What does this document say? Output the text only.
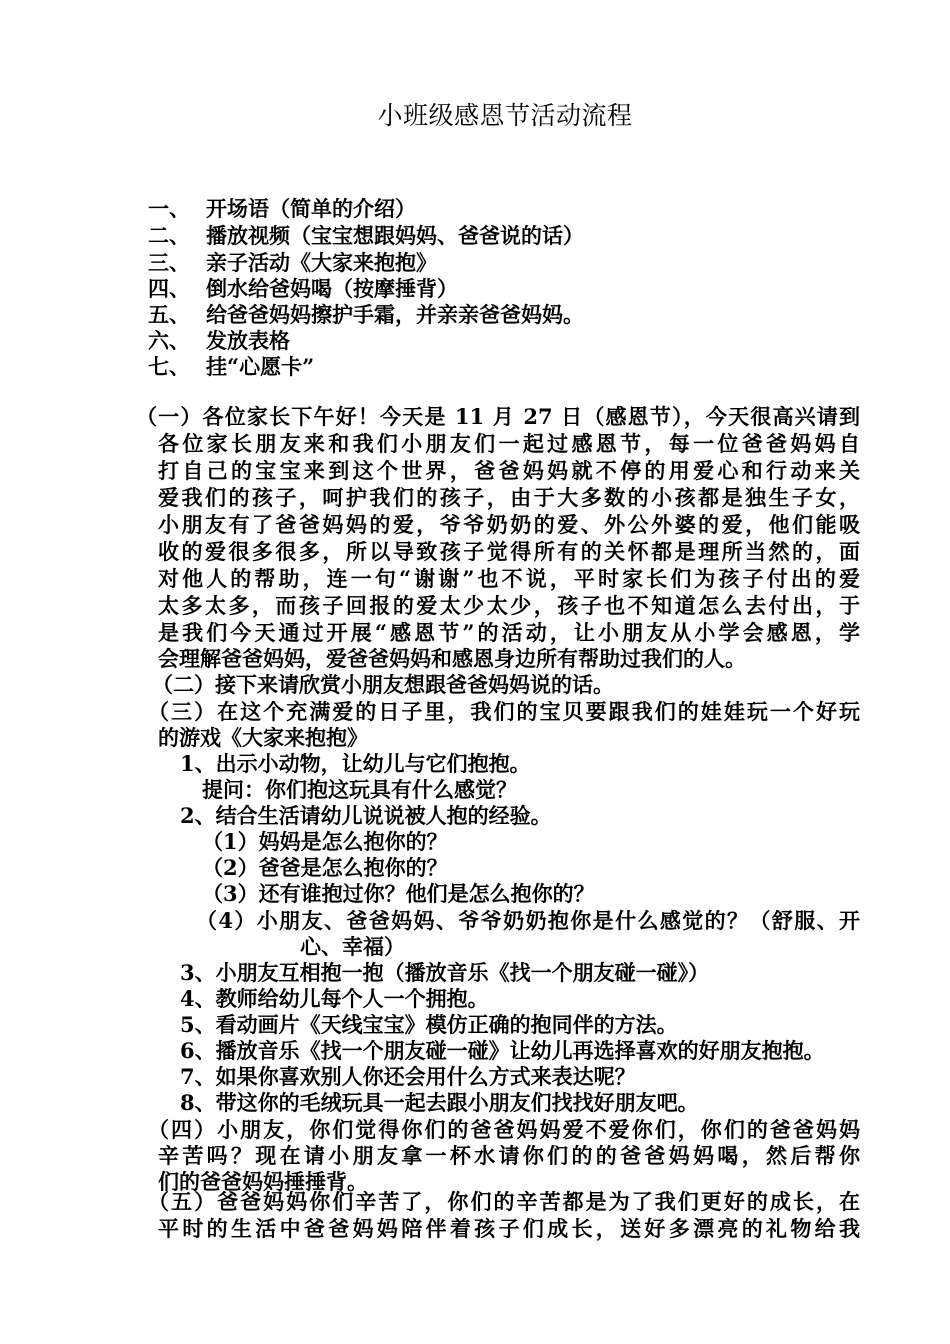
小班级感恩节活动流程
一、 开场语（简单的介绍）
二、 播放视频（宝宝想跟妈妈、爸爸说的话）
三、 亲子活动《大家来抱抱》
四、 倒水给爸妈喝（按摩捶背）
五、 给爸爸妈妈擦护手霜，并亲亲爸爸妈妈。
六、 发放表格
七、 挂“心愿卡”
（一）各位家长下午好！今天是 11 月 27 日（感恩节），今天很高兴请到
各位家长朋友来和我们小朋友们一起过感恩节，每一位爸爸妈妈自
打自己的宝宝来到这个世界，爸爸妈妈就不停的用爱心和行动来关
爱我们的孩子，呵护我们的孩子，由于大多数的小孩都是独生子女，
小朋友有了爸爸妈妈的爱，爷爷奶奶的爱、外公外婆的爱，他们能吸
收的爱很多很多，所以导致孩子觉得所有的关怀都是理所当然的，面
对他人的帮助，连一句“谢谢”也不说，平时家长们为孩子付出的爱
太多太多，而孩子回报的爱太少太少，孩子也不知道怎么去付出，于
是我们今天通过开展“感恩节”的活动，让小朋友从小学会感恩，学
会理解爸爸妈妈，爱爸爸妈妈和感恩身边所有帮助过我们的人。
（二）接下来请欣赏小朋友想跟爸爸妈妈说的话。
（三）在这个充满爱的日子里，我们的宝贝要跟我们的娃娃玩一个好玩
的游戏《大家来抱抱》
1、出示小动物，让幼儿与它们抱抱。
提问：你们抱这玩具有什么感觉？
2、结合生活请幼儿说说被人抱的经验。
（1）妈妈是怎么抱你的？
（2）爸爸是怎么抱你的？
（3）还有谁抱过你？他们是怎么抱你的？
（4）小朋友、爸爸妈妈、爷爷奶奶抱你是什么感觉的？（舒服、开
心、幸福）
3、小朋友互相抱一抱（播放音乐《找一个朋友碰一碰》）
4、教师给幼儿每个人一个拥抱。
5、看动画片《天线宝宝》模仿正确的抱同伴的方法。
6、播放音乐《找一个朋友碰一碰》让幼儿再选择喜欢的好朋友抱抱。
7、如果你喜欢别人你还会用什么方式来表达呢？
8、带这你的毛绒玩具一起去跟小朋友们找找好朋友吧。
（四）小朋友，你们觉得你们的爸爸妈妈爱不爱你们，你们的爸爸妈妈
辛苦吗？现在请小朋友拿一杯水请你们的的爸爸妈妈喝，然后帮你
们的爸爸妈妈捶捶背。
（五）爸爸妈妈你们辛苦了，你们的辛苦都是为了我们更好的成长，在
平时的生活中爸爸妈妈陪伴着孩子们成长，送好多漂亮的礼物给我
